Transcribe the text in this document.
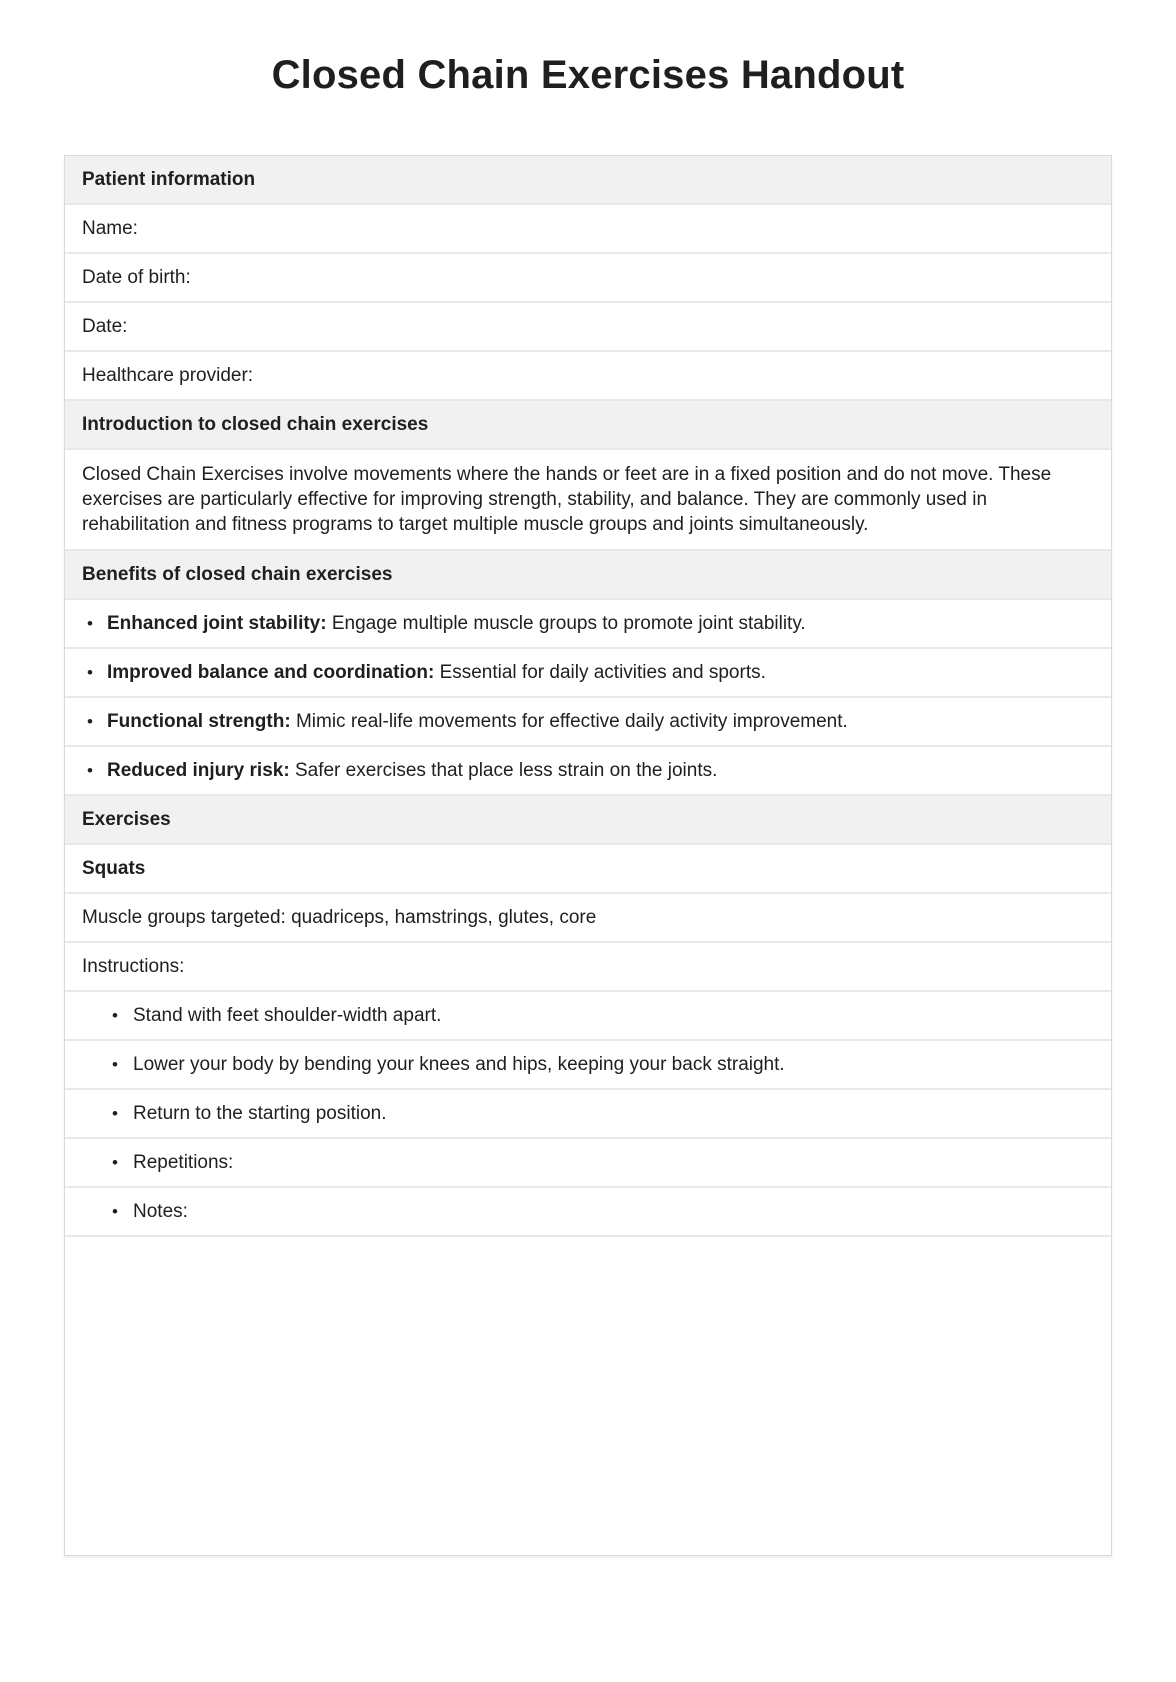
Closed Chain Exercises Handout
Patient information
Name:
Date of birth:
Date:
Healthcare provider:
Introduction to closed chain exercises
Closed Chain Exercises involve movements where the hands or feet are in a fixed position and do not move. These exercises are particularly effective for improving strength, stability, and balance. They are commonly used in rehabilitation and fitness programs to target multiple muscle groups and joints simultaneously.
Benefits of closed chain exercises
• Enhanced joint stability: Engage multiple muscle groups to promote joint stability.
• Improved balance and coordination: Essential for daily activities and sports.
• Functional strength: Mimic real-life movements for effective daily activity improvement.
• Reduced injury risk: Safer exercises that place less strain on the joints.
Exercises
Squats
Muscle groups targeted: quadriceps, hamstrings, glutes, core
Instructions:
• Stand with feet shoulder-width apart.
• Lower your body by bending your knees and hips, keeping your back straight.
• Return to the starting position.
• Repetitions:
• Notes:
